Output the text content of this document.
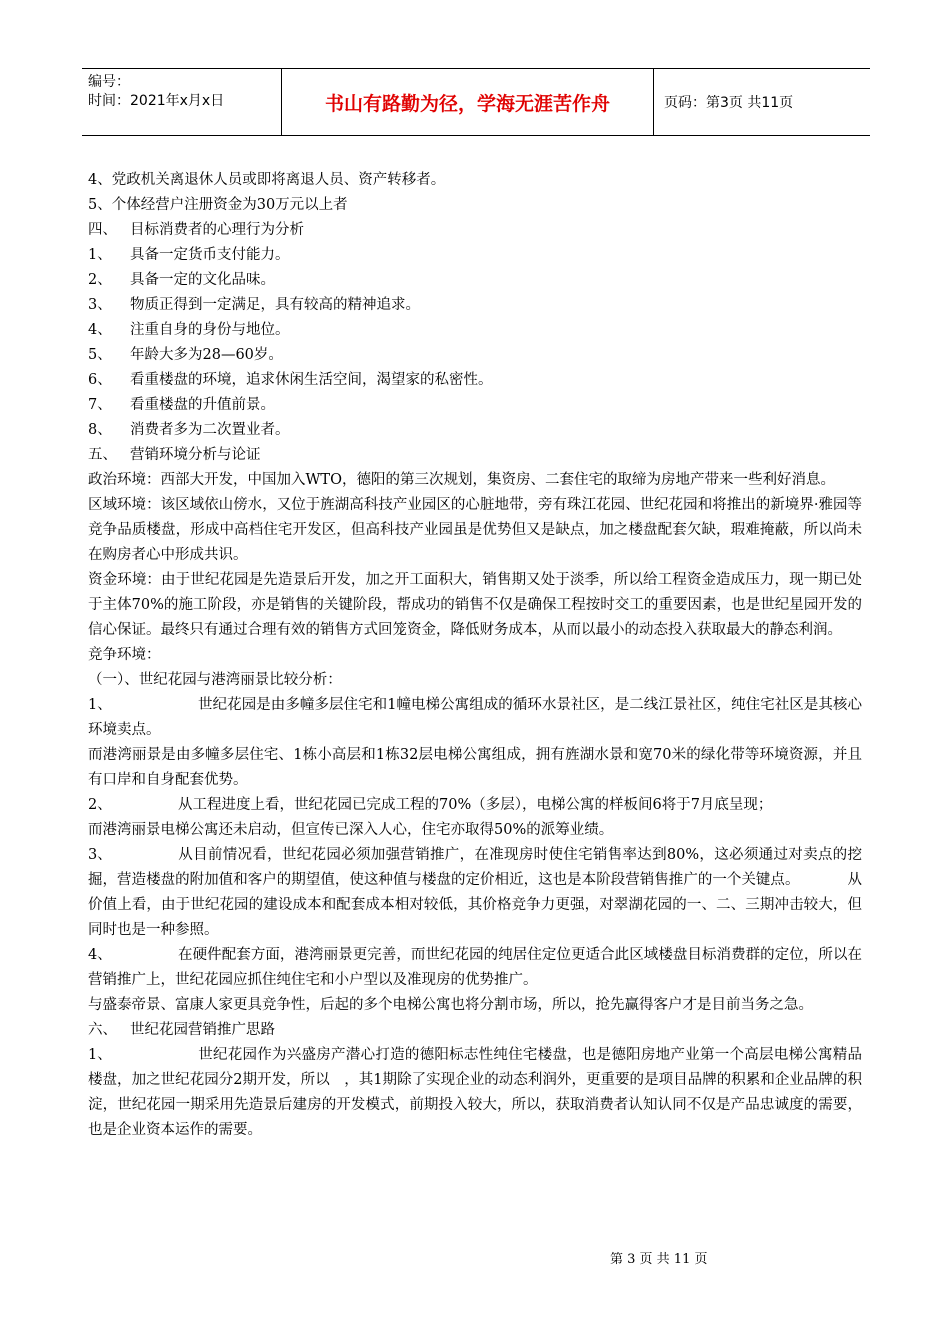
编号：
时间：2021年x月x日	书山有路勤为径，学海无涯苦作舟	页码：第3页 共11页

4、党政机关离退休人员或即将离退人员、资产转移者。

5、个体经营户注册资金为30万元以上者

四、 目标消费者的心理行为分析

1、 具备一定货币支付能力。

2、 具备一定的文化品味。

3、 物质正得到一定满足，具有较高的精神追求。

4、 注重自身的身份与地位。

5、 年龄大多为28—60岁。

6、 看重楼盘的环境，追求休闲生活空间，渴望家的私密性。

7、 看重楼盘的升值前景。

8、 消费者多为二次置业者。

五、 营销环境分析与论证

政治环境：西部大开发，中国加入WTO，德阳的第三次规划，集资房、二套住宅的取缔为房地产带来一些利好消息。

区域环境：该区域依山傍水，又位于旌湖高科技产业园区的心脏地带，旁有珠江花园、世纪花园和将推出的新境界·雅园等竞争品质楼盘，形成中高档住宅开发区，但高科技产业园虽是优势但又是缺点，加之楼盘配套欠缺，瑕难掩蔽，所以尚未在购房者心中形成共识。

资金环境：由于世纪花园是先造景后开发，加之开工面积大，销售期又处于淡季，所以给工程资金造成压力，现一期已处于主体70%的施工阶段，亦是销售的关键阶段，帮成功的销售不仅是确保工程按时交工的重要因素，也是世纪星园开发的信心保证。最终只有通过合理有效的销售方式回笼资金，降低财务成本，从而以最小的动态投入获取最大的静态利润。

竞争环境：

（一）、世纪花园与港湾丽景比较分析：

1、	世纪花园是由多幢多层住宅和1幢电梯公寓组成的循环水景社区，是二线江景社区，纯住宅社区是其核心环境卖点。

而港湾丽景是由多幢多层住宅、1栋小高层和1栋32层电梯公寓组成，拥有旌湖水景和宽70米的绿化带等环境资源，并且有口岸和自身配套优势。

2、	从工程进度上看，世纪花园已完成工程的70%（多层），电梯公寓的样板间6将于7月底呈现；

而港湾丽景电梯公寓还未启动，但宣传已深入人心，住宅亦取得50%的派筹业绩。

3、	从目前情况看，世纪花园必须加强营销推广，在准现房时使住宅销售率达到80%，这必须通过对卖点的挖掘，营造楼盘的附加值和客户的期望值，使这种值与楼盘的定价相近，这也是本阶段营销售推广的一个关键点。	从价值上看，由于世纪花园的建设成本和配套成本相对较低，其价格竞争力更强，对翠湖花园的一、二、三期冲击较大，但同时也是一种参照。

4、	在硬件配套方面，港湾丽景更完善，而世纪花园的纯居住定位更适合此区域楼盘目标消费群的定位，所以在营销推广上，世纪花园应抓住纯住宅和小户型以及准现房的优势推广。

与盛泰帝景、富康人家更具竞争性，后起的多个电梯公寓也将分割市场，所以，抢先赢得客户才是目前当务之急。

六、 世纪花园营销推广思路

1、	世纪花园作为兴盛房产潜心打造的德阳标志性纯住宅楼盘，也是德阳房地产业第一个高层电梯公寓精品楼盘，加之世纪花园分2期开发，所以　，其1期除了实现企业的动态利润外，更重要的是项目品牌的积累和企业品牌的积淀，世纪花园一期采用先造景后建房的开发模式，前期投入较大，所以，获取消费者认知认同不仅是产品忠诚度的需要，也是企业资本运作的需要。

第 3 页 共 11 页
